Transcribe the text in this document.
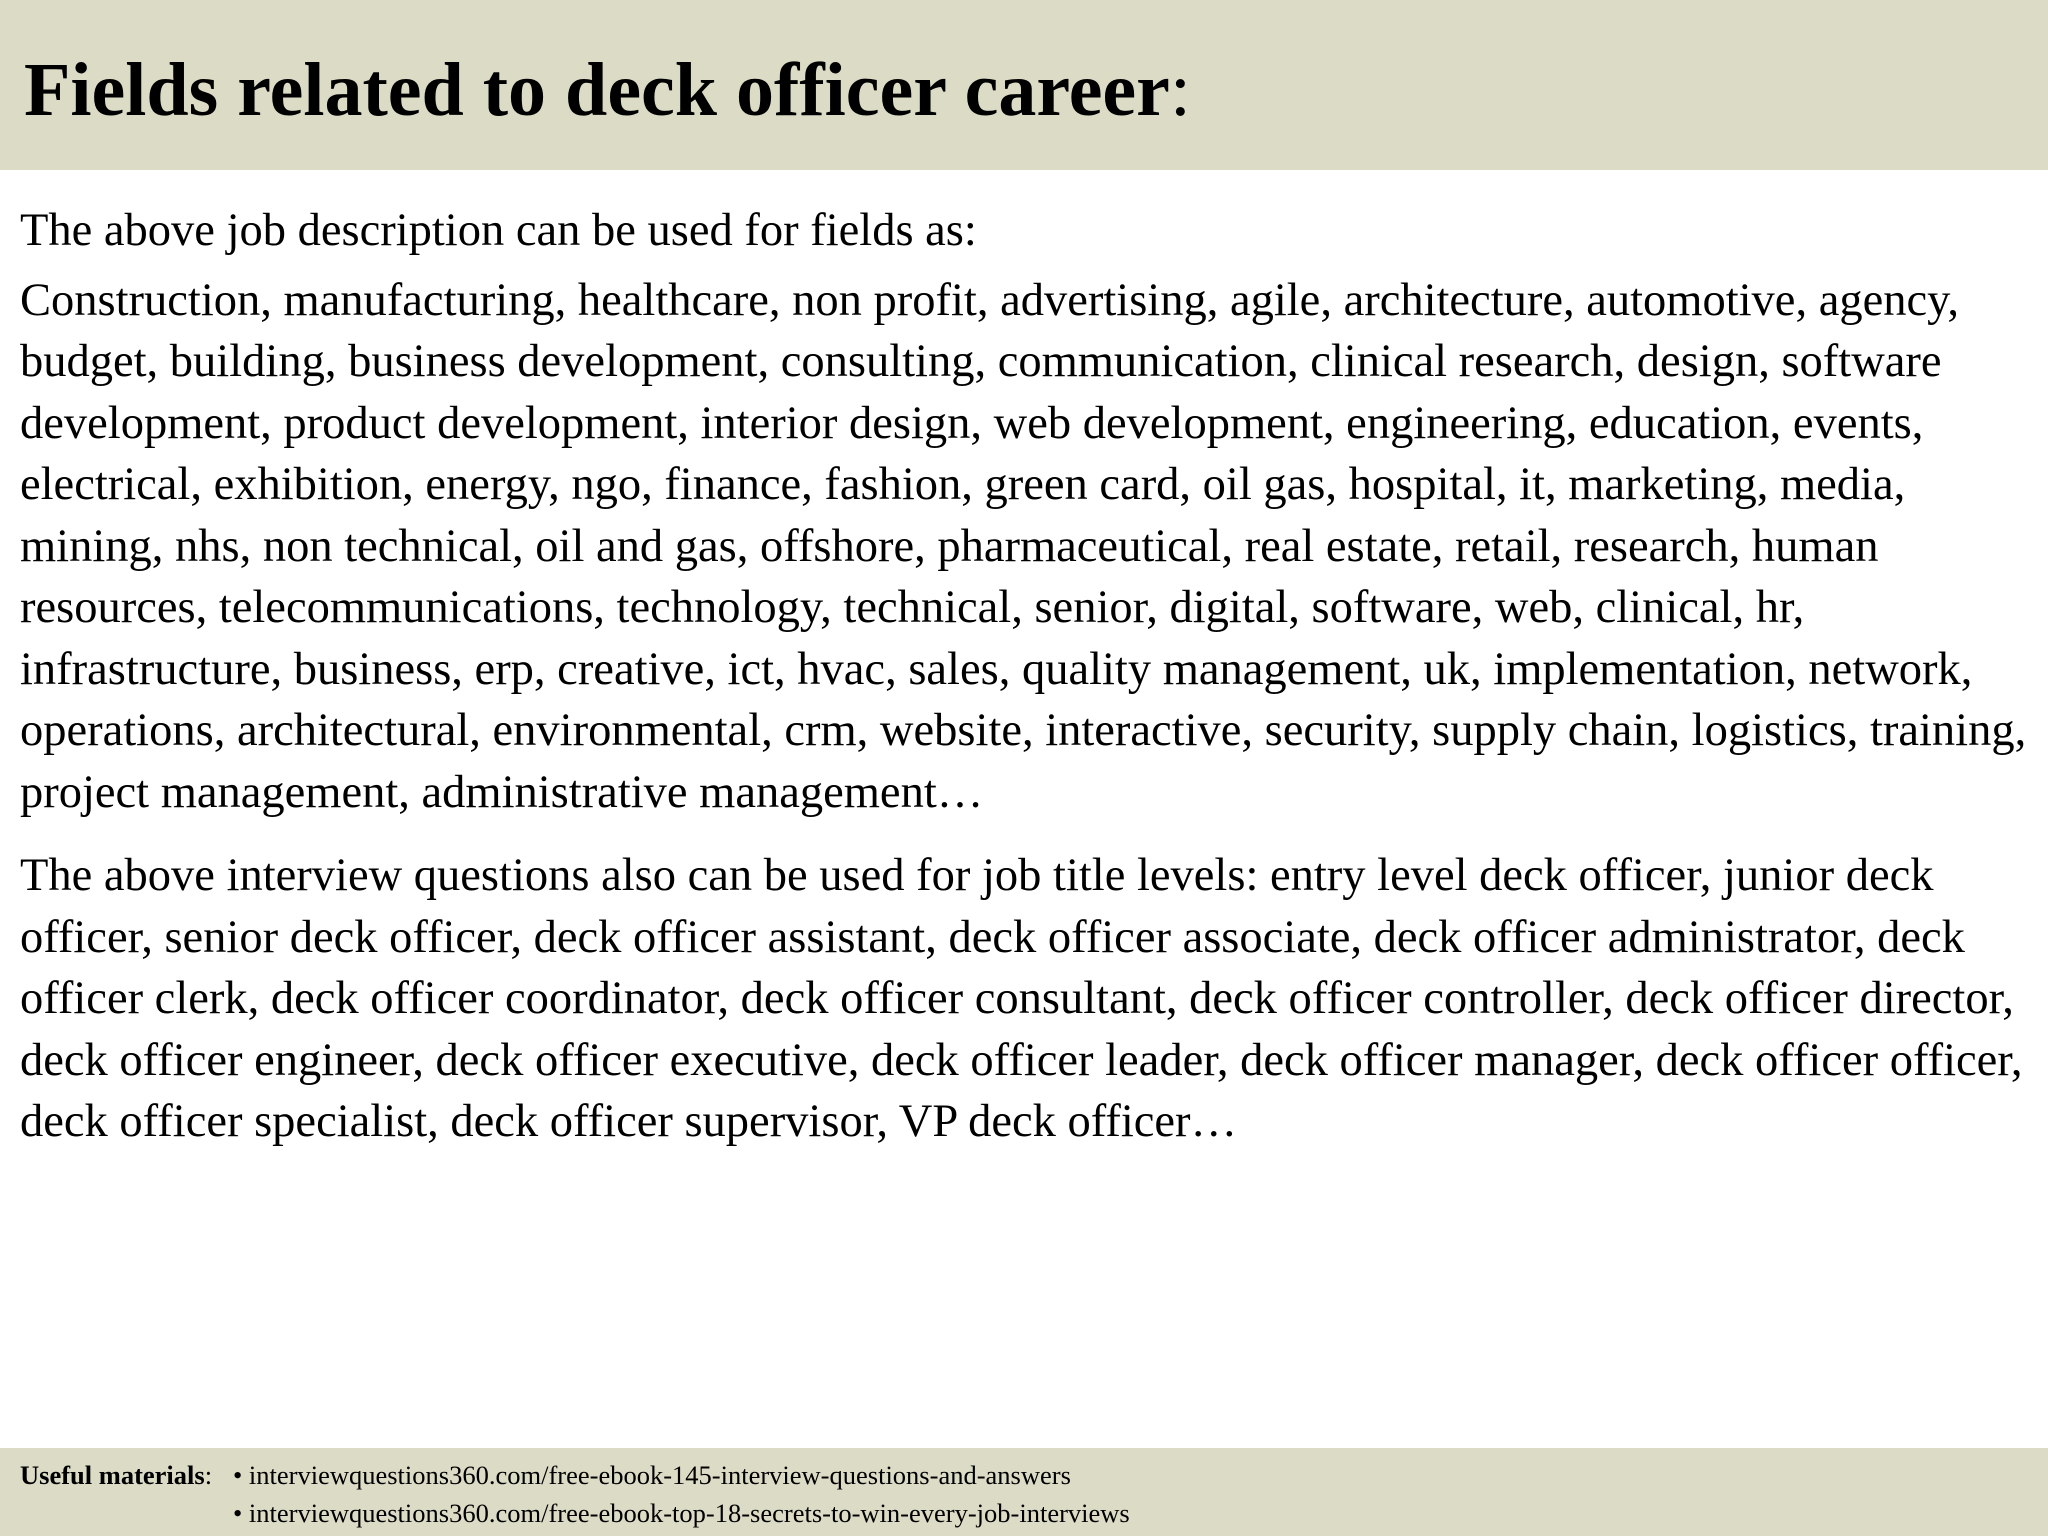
Fields related to deck officer career:

The above job description can be used for fields as:

Construction, manufacturing, healthcare, non profit, advertising, agile, architecture, automotive, agency, budget, building, business development, consulting, communication, clinical research, design, software development, product development, interior design, web development, engineering, education, events, electrical, exhibition, energy, ngo, finance, fashion, green card, oil gas, hospital, it, marketing, media, mining, nhs, non technical, oil and gas, offshore, pharmaceutical, real estate, retail, research, human resources, telecommunications, technology, technical, senior, digital, software, web, clinical, hr, infrastructure, business, erp, creative, ict, hvac, sales, quality management, uk, implementation, network, operations, architectural, environmental, crm, website, interactive, security, supply chain, logistics, training, project management, administrative management…

The above interview questions also can be used for job title levels: entry level deck officer, junior deck officer, senior deck officer, deck officer assistant, deck officer associate, deck officer administrator, deck officer clerk, deck officer coordinator, deck officer consultant, deck officer controller, deck officer director, deck officer engineer, deck officer executive, deck officer leader, deck officer manager, deck officer officer, deck officer specialist, deck officer supervisor, VP deck officer…

Useful materials: • interviewquestions360.com/free-ebook-145-interview-questions-and-answers
• interviewquestions360.com/free-ebook-top-18-secrets-to-win-every-job-interviews
